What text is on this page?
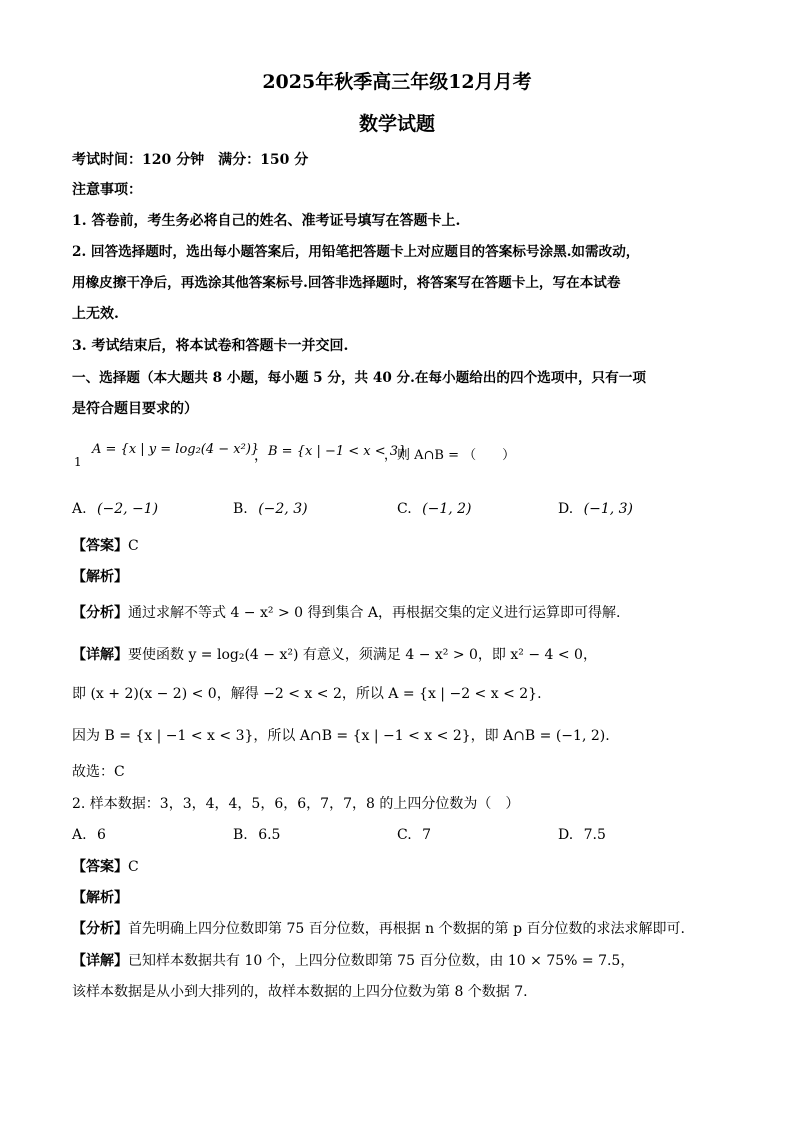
2025年秋季高三年级12月月考
数学试题
考试时间：120 分钟　满分：150 分
注意事项：
1. 答卷前，考生务必将自己的姓名、准考证号填写在答题卡上.
2. 回答选择题时，选出每小题答案后，用铅笔把答题卡上对应题目的答案标号涂黑.如需改动，
用橡皮擦干净后，再选涂其他答案标号.回答非选择题时，将答案写在答题卡上，写在本试卷
上无效.
3. 考试结束后，将本试卷和答题卡一并交回.
一、选择题（本大题共 8 小题，每小题 5 分，共 40 分.在每小题给出的四个选项中，只有一项
是符合题目要求的）
1
A = {x | y = log₂(4 − x²)}
， B = {x | −1 < x < 3}
，则 A∩B = （　　）
A. (−2, −1)	B. (−2, 3)	C. (−1, 2)	D. (−1, 3)
【答案】C
【解析】
【分析】通过求解不等式 4 − x² > 0 得到集合 A，再根据交集的定义进行运算即可得解.
【详解】要使函数 y = log₂(4 − x²) 有意义，须满足 4 − x² > 0，即 x² − 4 < 0，
即 (x + 2)(x − 2) < 0，解得 −2 < x < 2，所以 A = {x | −2 < x < 2}.
因为 B = {x | −1 < x < 3}，所以 A∩B = {x | −1 < x < 2}，即 A∩B = (−1, 2).
故选：C
2. 样本数据：3，3，4，4，5，6，6，7，7，8 的上四分位数为（　）
A. 6	B. 6.5	C. 7	D. 7.5
【答案】C
【解析】
【分析】首先明确上四分位数即第 75 百分位数，再根据 n 个数据的第 p 百分位数的求法求解即可.
【详解】已知样本数据共有 10 个，上四分位数即第 75 百分位数，由 10 × 75% = 7.5，
该样本数据是从小到大排列的，故样本数据的上四分位数为第 8 个数据 7.
